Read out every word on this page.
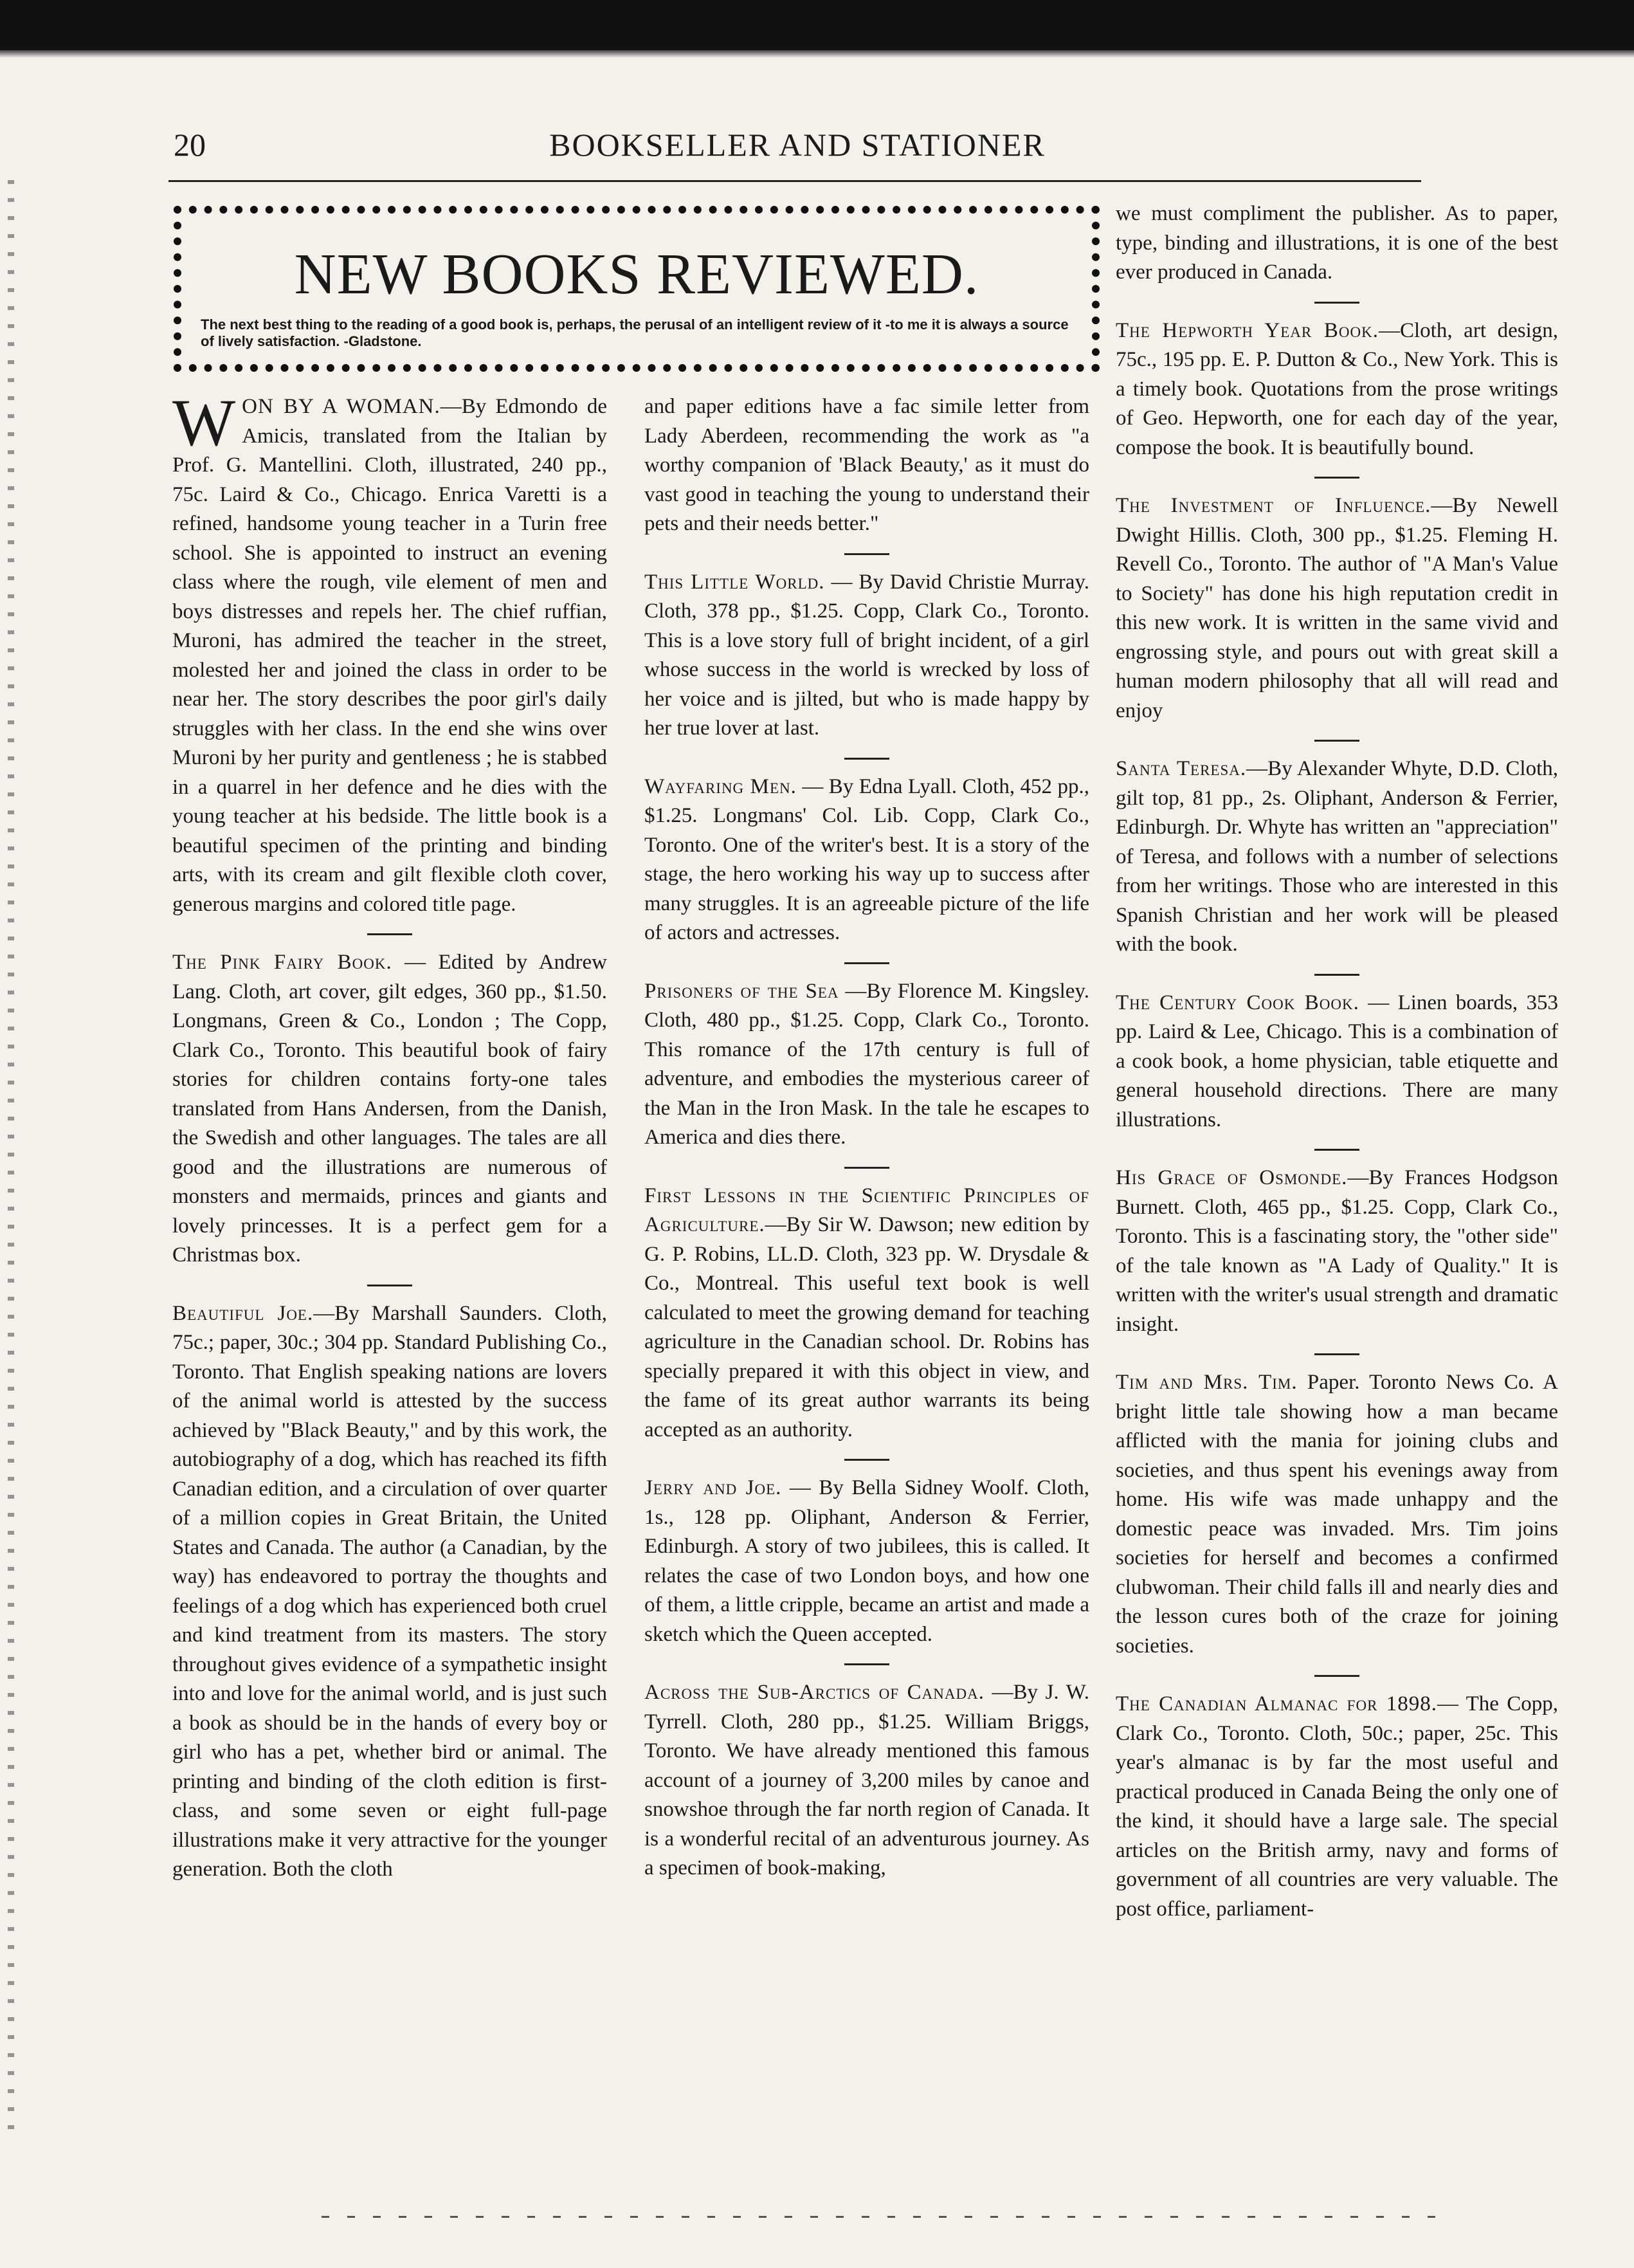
20	BOOKSELLER AND STATIONER
NEW BOOKS REVIEWED.
The next best thing to the reading of a good book is, perhaps, the perusal of an intelligent review of it -to me it is always a source of lively satisfaction. -Gladstone.

W ON BY A WOMAN.—By Edmondo de Amicis, translated from the Italian by Prof. G. Mantellini. Cloth, illustrated, 240 pp., 75c. Laird & Co., Chicago. Enrica Varetti is a refined, handsome young teacher in a Turin free school. She is appointed to instruct an evening class where the rough, vile element of men and boys distresses and repels her. The chief ruffian, Muroni, has admired the teacher in the street, molested her and joined the class in order to be near her. The story describes the poor girl's daily struggles with her class. In the end she wins over Muroni by her purity and gentleness ; he is stabbed in a quarrel in her defence and he dies with the young teacher at his bedside. The little book is a beautiful specimen of the printing and binding arts, with its cream and gilt flexible cloth cover, generous margins and colored title page.

The Pink Fairy Book. — Edited by Andrew Lang. Cloth, art cover, gilt edges, 360 pp., $1.50. Longmans, Green & Co., London ; The Copp, Clark Co., Toronto. This beautiful book of fairy stories for children contains forty-one tales translated from Hans Andersen, from the Danish, the Swedish and other languages. The tales are all good and the illustrations are numerous of monsters and mermaids, princes and giants and lovely princesses. It is a perfect gem for a Christmas box.

Beautiful Joe.—By Marshall Saunders. Cloth, 75c.; paper, 30c.; 304 pp. Standard Publishing Co., Toronto. That English speaking nations are lovers of the animal world is attested by the success achieved by "Black Beauty," and by this work, the autobiography of a dog, which has reached its fifth Canadian edition, and a circulation of over quarter of a million copies in Great Britain, the United States and Canada. The author (a Canadian, by the way) has endeavored to portray the thoughts and feelings of a dog which has experienced both cruel and kind treatment from its masters. The story throughout gives evidence of a sympathetic insight into and love for the animal world, and is just such a book as should be in the hands of every boy or girl who has a pet, whether bird or animal. The printing and binding of the cloth edition is first-class, and some seven or eight full-page illustrations make it very attractive for the younger generation. Both the cloth

and paper editions have a fac simile letter from Lady Aberdeen, recommending the work as "a worthy companion of 'Black Beauty,' as it must do vast good in teaching the young to understand their pets and their needs better."

This Little World. — By David Christie Murray. Cloth, 378 pp., $1.25. Copp, Clark Co., Toronto. This is a love story full of bright incident, of a girl whose success in the world is wrecked by loss of her voice and is jilted, but who is made happy by her true lover at last.

Wayfaring Men. — By Edna Lyall. Cloth, 452 pp., $1.25. Longmans' Col. Lib. Copp, Clark Co., Toronto. One of the writer's best. It is a story of the stage, the hero working his way up to success after many struggles. It is an agreeable picture of the life of actors and actresses.

Prisoners of the Sea —By Florence M. Kingsley. Cloth, 480 pp., $1.25. Copp, Clark Co., Toronto. This romance of the 17th century is full of adventure, and embodies the mysterious career of the Man in the Iron Mask. In the tale he escapes to America and dies there.

First Lessons in the Scientific Principles of Agriculture.—By Sir W. Dawson; new edition by G. P. Robins, LL.D. Cloth, 323 pp. W. Drysdale & Co., Montreal. This useful text book is well calculated to meet the growing demand for teaching agriculture in the Canadian school. Dr. Robins has specially prepared it with this object in view, and the fame of its great author warrants its being accepted as an authority.

Jerry and Joe. — By Bella Sidney Woolf. Cloth, 1s., 128 pp. Oliphant, Anderson & Ferrier, Edinburgh. A story of two jubilees, this is called. It relates the case of two London boys, and how one of them, a little cripple, became an artist and made a sketch which the Queen accepted.

Across the Sub-Arctics of Canada. —By J. W. Tyrrell. Cloth, 280 pp., $1.25. William Briggs, Toronto. We have already mentioned this famous account of a journey of 3,200 miles by canoe and snowshoe through the far north region of Canada. It is a wonderful recital of an adventurous journey. As a specimen of book-making,

we must compliment the publisher. As to paper, type, binding and illustrations, it is one of the best ever produced in Canada.

The Hepworth Year Book.—Cloth, art design, 75c., 195 pp. E. P. Dutton & Co., New York. This is a timely book. Quotations from the prose writings of Geo. Hepworth, one for each day of the year, compose the book. It is beautifully bound.

The Investment of Influence.—By Newell Dwight Hillis. Cloth, 300 pp., $1.25. Fleming H. Revell Co., Toronto. The author of "A Man's Value to Society" has done his high reputation credit in this new work. It is written in the same vivid and engrossing style, and pours out with great skill a human modern philosophy that all will read and enjoy

Santa Teresa.—By Alexander Whyte, D.D. Cloth, gilt top, 81 pp., 2s. Oliphant, Anderson & Ferrier, Edinburgh. Dr. Whyte has written an "appreciation" of Teresa, and follows with a number of selections from her writings. Those who are interested in this Spanish Christian and her work will be pleased with the book.

The Century Cook Book. — Linen boards, 353 pp. Laird & Lee, Chicago. This is a combination of a cook book, a home physician, table etiquette and general household directions. There are many illustrations.

His Grace of Osmonde.—By Frances Hodgson Burnett. Cloth, 465 pp., $1.25. Copp, Clark Co., Toronto. This is a fascinating story, the "other side" of the tale known as "A Lady of Quality." It is written with the writer's usual strength and dramatic insight.

Tim and Mrs. Tim. Paper. Toronto News Co. A bright little tale showing how a man became afflicted with the mania for joining clubs and societies, and thus spent his evenings away from home. His wife was made unhappy and the domestic peace was invaded. Mrs. Tim joins societies for herself and becomes a confirmed clubwoman. Their child falls ill and nearly dies and the lesson cures both of the craze for joining societies.

The Canadian Almanac for 1898.— The Copp, Clark Co., Toronto. Cloth, 50c.; paper, 25c. This year's almanac is by far the most useful and practical produced in Canada Being the only one of the kind, it should have a large sale. The special articles on the British army, navy and forms of government of all countries are very valuable. The post office, parliament-
